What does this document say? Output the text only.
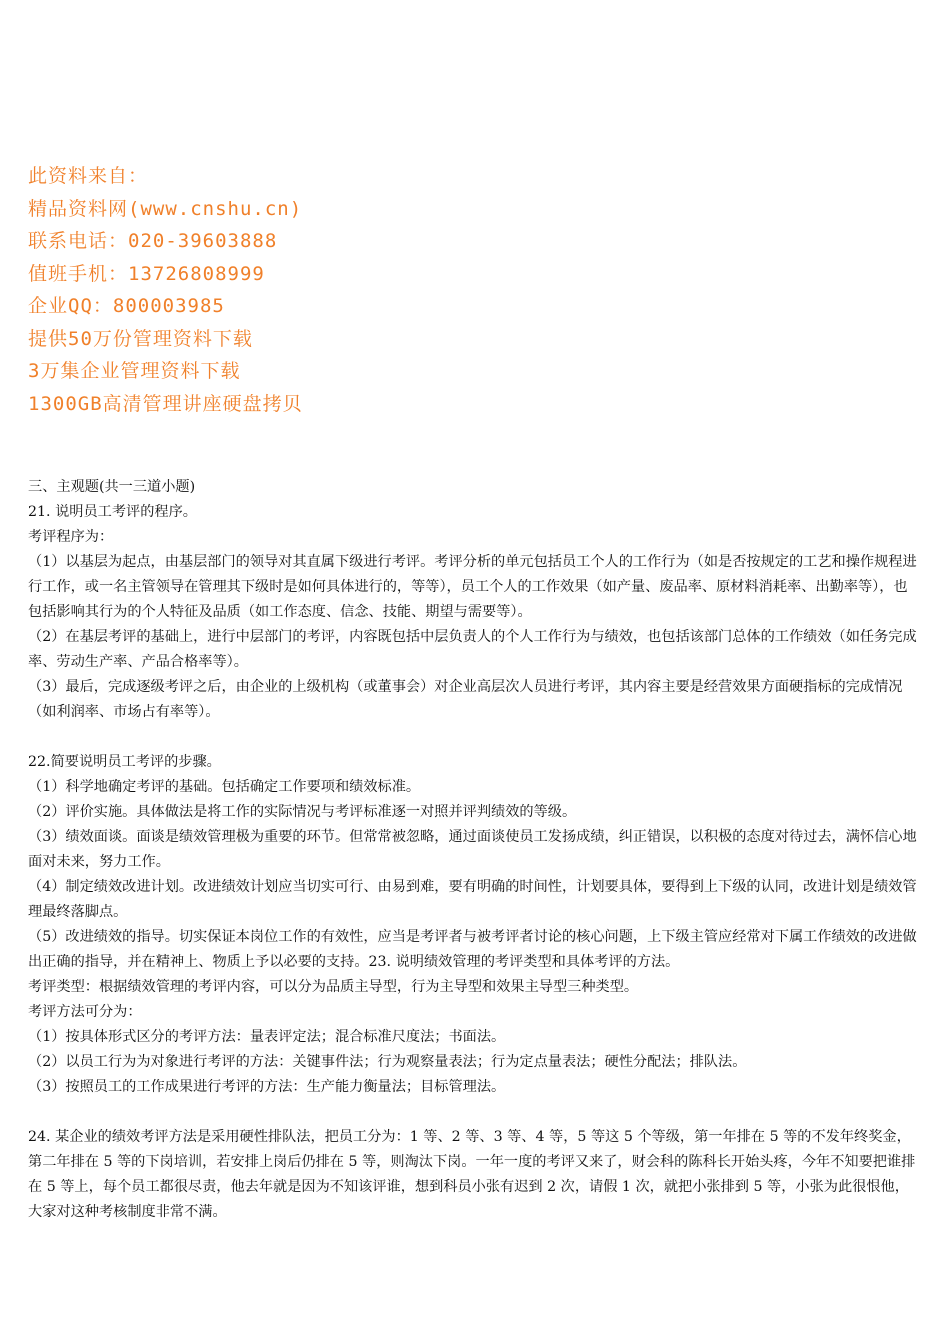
此资料来自：
精品资料网(www.cnshu.cn)
联系电话：020-39603888
值班手机：13726808999
企业QQ：800003985
提供50万份管理资料下载
3万集企业管理资料下载
1300GB高清管理讲座硬盘拷贝

三、主观题(共一三道小题)

21. 说明员工考评的程序。

考评程序为：

（1）以基层为起点，由基层部门的领导对其直属下级进行考评。考评分析的单元包括员工个人的工作行为（如是否按规定的工艺和操作规程进行工作，或一名主管领导在管理其下级时是如何具体进行的，等等），员工个人的工作效果（如产量、废品率、原材料消耗率、出勤率等），也包括影响其行为的个人特征及品质（如工作态度、信念、技能、期望与需要等）。

（2）在基层考评的基础上，进行中层部门的考评，内容既包括中层负责人的个人工作行为与绩效，也包括该部门总体的工作绩效（如任务完成率、劳动生产率、产品合格率等）。

（3）最后，完成逐级考评之后，由企业的上级机构（或董事会）对企业高层次人员进行考评，其内容主要是经营效果方面硬指标的完成情况（如利润率、市场占有率等）。

22.简要说明员工考评的步骤。

（1）科学地确定考评的基础。包括确定工作要项和绩效标准。

（2）评价实施。具体做法是将工作的实际情况与考评标准逐一对照并评判绩效的等级。

（3）绩效面谈。面谈是绩效管理极为重要的环节。但常常被忽略，通过面谈使员工发扬成绩，纠正错误，以积极的态度对待过去，满怀信心地面对未来，努力工作。

（4）制定绩效改进计划。改进绩效计划应当切实可行、由易到难，要有明确的时间性，计划要具体，要得到上下级的认同，改进计划是绩效管理最终落脚点。

（5）改进绩效的指导。切实保证本岗位工作的有效性，应当是考评者与被考评者讨论的核心问题，上下级主管应经常对下属工作绩效的改进做出正确的指导，并在精神上、物质上予以必要的支持。23. 说明绩效管理的考评类型和具体考评的方法。

考评类型：根据绩效管理的考评内容，可以分为品质主导型，行为主导型和效果主导型三种类型。

考评方法可分为：

（1）按具体形式区分的考评方法：量表评定法；混合标准尺度法；书面法。

（2）以员工行为为对象进行考评的方法：关键事件法；行为观察量表法；行为定点量表法；硬性分配法；排队法。

（3）按照员工的工作成果进行考评的方法：生产能力衡量法；目标管理法。

24. 某企业的绩效考评方法是采用硬性排队法，把员工分为：1 等、2 等、3 等、4 等，5 等这 5 个等级，第一年排在 5 等的不发年终奖金，第二年排在 5 等的下岗培训，若安排上岗后仍排在 5 等，则淘汰下岗。一年一度的考评又来了，财会科的陈科长开始头疼，今年不知要把谁排在 5 等上，每个员工都很尽责，他去年就是因为不知该评谁，想到科员小张有迟到 2 次，请假 1 次，就把小张排到 5 等，小张为此很恨他，大家对这种考核制度非常不满。
